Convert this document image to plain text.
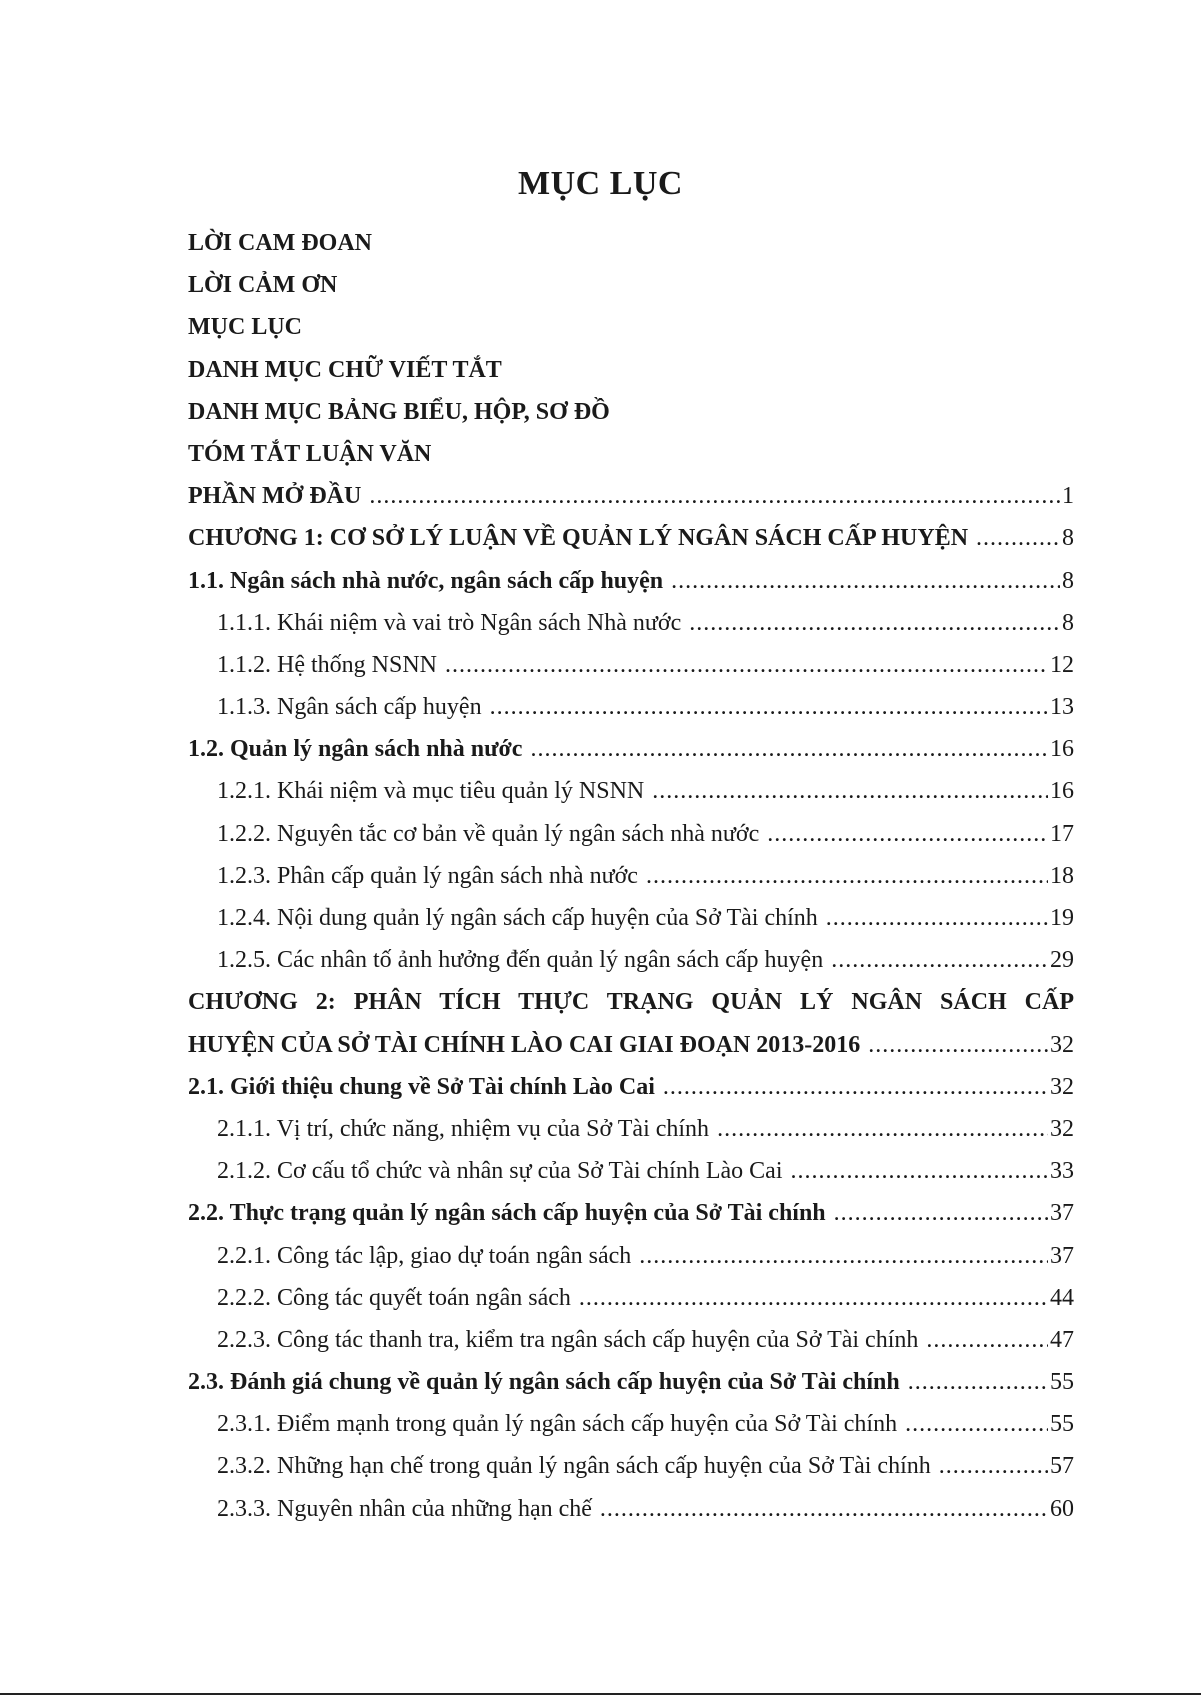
MỤC LỤC
LỜI CAM ĐOAN
LỜI CẢM ƠN
MỤC LỤC
DANH MỤC CHỮ VIẾT TẮT
DANH MỤC BẢNG BIỂU, HỘP, SƠ ĐỒ
TÓM TẮT LUẬN VĂN
PHẦN MỞ ĐẦU .....	1
CHƯƠNG 1: CƠ SỞ LÝ LUẬN VỀ QUẢN LÝ NGÂN SÁCH CẤP HUYỆN .....	8
1.1. Ngân sách nhà nước, ngân sách cấp huyện .....	8
1.1.1. Khái niệm và vai trò Ngân sách Nhà nước .....	8
1.1.2. Hệ thống NSNN .....	12
1.1.3. Ngân sách cấp huyện .....	13
1.2. Quản lý ngân sách nhà nước .....	16
1.2.1. Khái niệm và mục tiêu quản lý NSNN .....	16
1.2.2. Nguyên tắc cơ bản về quản lý ngân sách nhà nước .....	17
1.2.3. Phân cấp quản lý ngân sách nhà nước .....	18
1.2.4. Nội dung quản lý ngân sách cấp huyện của Sở Tài chính .....	19
1.2.5. Các nhân tố ảnh hưởng đến quản lý ngân sách cấp huyện .....	29
CHƯƠNG 2: PHÂN TÍCH THỰC TRẠNG QUẢN LÝ NGÂN SÁCH CẤP
HUYỆN CỦA SỞ TÀI CHÍNH LÀO CAI GIAI ĐOẠN 2013-2016 .....	32
2.1. Giới thiệu chung về Sở Tài chính Lào Cai .....	32
2.1.1. Vị trí, chức năng, nhiệm vụ của Sở Tài chính .....	32
2.1.2. Cơ cấu tổ chức và nhân sự của Sở Tài chính Lào Cai .....	33
2.2. Thực trạng quản lý ngân sách cấp huyện của Sở Tài chính .....	37
2.2.1. Công tác lập, giao dự toán ngân sách .....	37
2.2.2. Công tác quyết toán ngân sách .....	44
2.2.3. Công tác thanh tra, kiểm tra ngân sách cấp huyện của Sở Tài chính .....	47
2.3. Đánh giá chung về quản lý ngân sách cấp huyện của Sở Tài chính .....	55
2.3.1. Điểm mạnh trong quản lý ngân sách cấp huyện của Sở Tài chính .....	55
2.3.2. Những hạn chế trong quản lý ngân sách cấp huyện của Sở Tài chính .....	57
2.3.3. Nguyên nhân của những hạn chế .....	60
